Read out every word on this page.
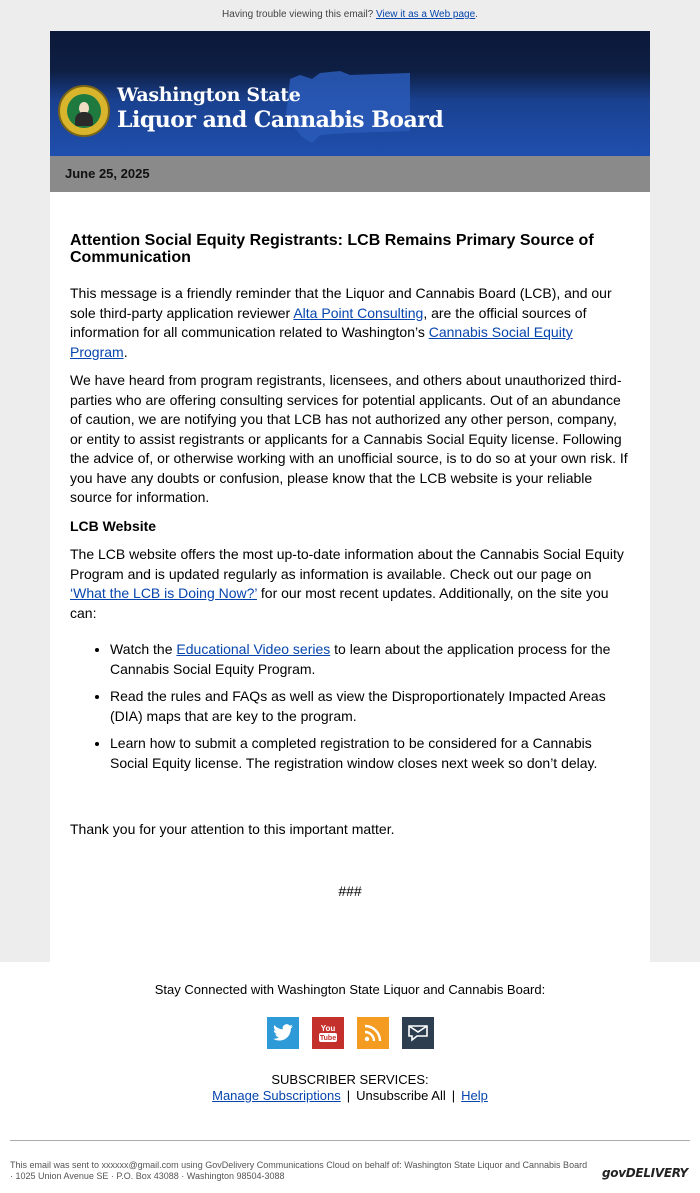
Having trouble viewing this email? View it as a Web page.
Washington State
Liquor and Cannabis Board
June 25, 2025
Attention Social Equity Registrants: LCB Remains Primary Source of Communication

This message is a friendly reminder that the Liquor and Cannabis Board (LCB), and our sole third-party application reviewer Alta Point Consulting, are the official sources of information for all communication related to Washington’s Cannabis Social Equity Program.

We have heard from program registrants, licensees, and others about unauthorized third-parties who are offering consulting services for potential applicants. Out of an abundance of caution, we are notifying you that LCB has not authorized any other person, company, or entity to assist registrants or applicants for a Cannabis Social Equity license. Following the advice of, or otherwise working with an unofficial source, is to do so at your own risk. If you have any doubts or confusion, please know that the LCB website is your reliable source for information.

LCB Website

The LCB website offers the most up-to-date information about the Cannabis Social Equity Program and is updated regularly as information is available. Check out our page on ‘What the LCB is Doing Now?’ for our most recent updates. Additionally, on the site you can:

• Watch the Educational Video series to learn about the application process for the Cannabis Social Equity Program.
• Read the rules and FAQs as well as view the Disproportionately Impacted Areas (DIA) maps that are key to the program.
• Learn how to submit a completed registration to be considered for a Cannabis Social Equity license. The registration window closes next week so don’t delay.
Thank you for your attention to this important matter.
###
Stay Connected with Washington State Liquor and Cannabis Board:
You
Tube
SUBSCRIBER SERVICES:
Manage Subscriptions | Unsubscribe All | Help
This email was sent to xxxxxx@gmail.com using GovDelivery Communications Cloud on behalf of: Washington State Liquor and Cannabis Board · 1025 Union Avenue SE · P.O. Box 43088 · Washington 98504-3088	govDELIVERY
